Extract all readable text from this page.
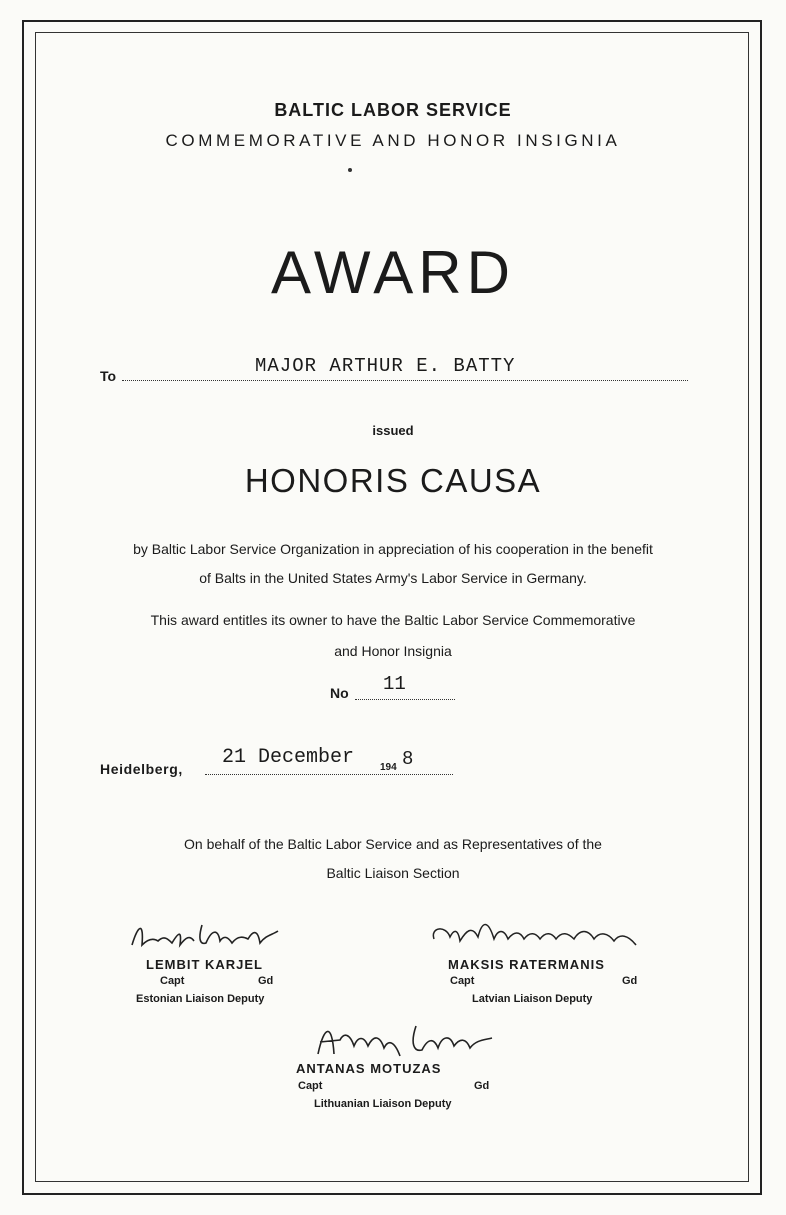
BALTIC LABOR SERVICE
COMMEMORATIVE AND HONOR INSIGNIA
AWARD
To	MAJOR ARTHUR E. BATTY
issued
HONORIS CAUSA
by Baltic Labor Service Organization in appreciation of his cooperation in the benefit
of Balts in the United States Army's Labor Service in Germany.
This award entitles its owner to have the Baltic Labor Service Commemorative
and Honor Insignia
No 11
Heidelberg, 21 December	194 8
On behalf of the Baltic Labor Service and as Representatives of the
Baltic Liaison Section
LEMBIT KARJEL
Capt	Gd
Estonian Liaison Deputy
MAKSIS RATERMANIS
Capt	Gd
Latvian Liaison Deputy
ANTANAS MOTUZAS
Capt	Gd
Lithuanian Liaison Deputy
